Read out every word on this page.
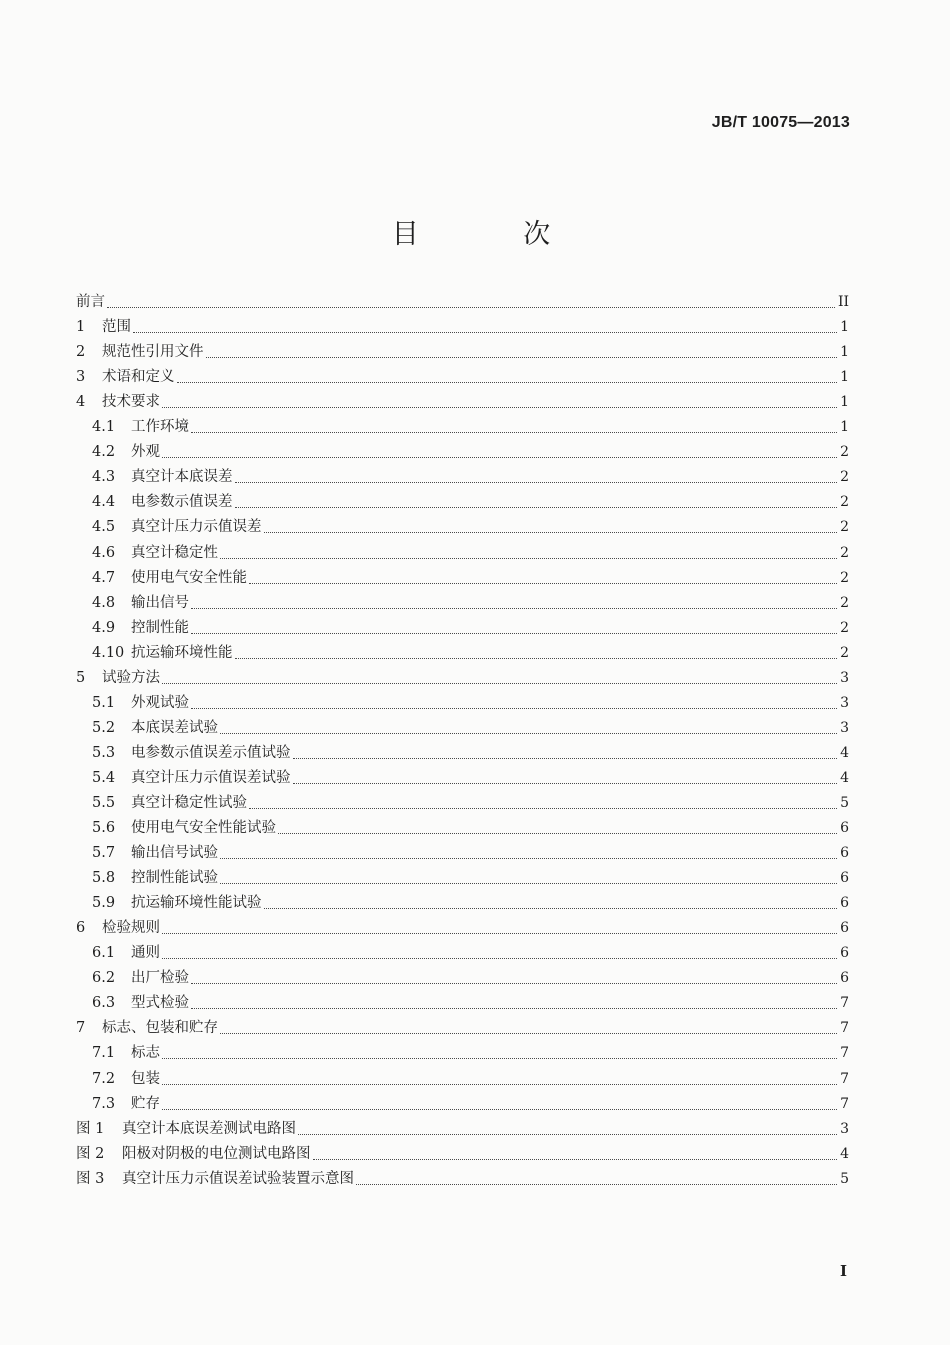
JB/T 10075—2013
目 次
前言	II
1	范围	1
2	规范性引用文件	1
3	术语和定义	1
4	技术要求	1
4.1	工作环境	1
4.2	外观	2
4.3	真空计本底误差	2
4.4	电参数示值误差	2
4.5	真空计压力示值误差	2
4.6	真空计稳定性	2
4.7	使用电气安全性能	2
4.8	输出信号	2
4.9	控制性能	2
4.10 抗运输环境性能	2
5	试验方法	3
5.1	外观试验	3
5.2	本底误差试验	3
5.3	电参数示值误差示值试验	4
5.4	真空计压力示值误差试验	4
5.5	真空计稳定性试验	5
5.6	使用电气安全性能试验	6
5.7	输出信号试验	6
5.8	控制性能试验	6
5.9	抗运输环境性能试验	6
6	检验规则	6
6.1	通则	6
6.2	出厂检验	6
6.3	型式检验	7
7	标志、包装和贮存	7
7.1	标志	7
7.2	包装	7
7.3	贮存	7
图 1	真空计本底误差测试电路图	3
图 2	阳极对阴极的电位测试电路图	4
图 3	真空计压力示值误差试验装置示意图	5
I
